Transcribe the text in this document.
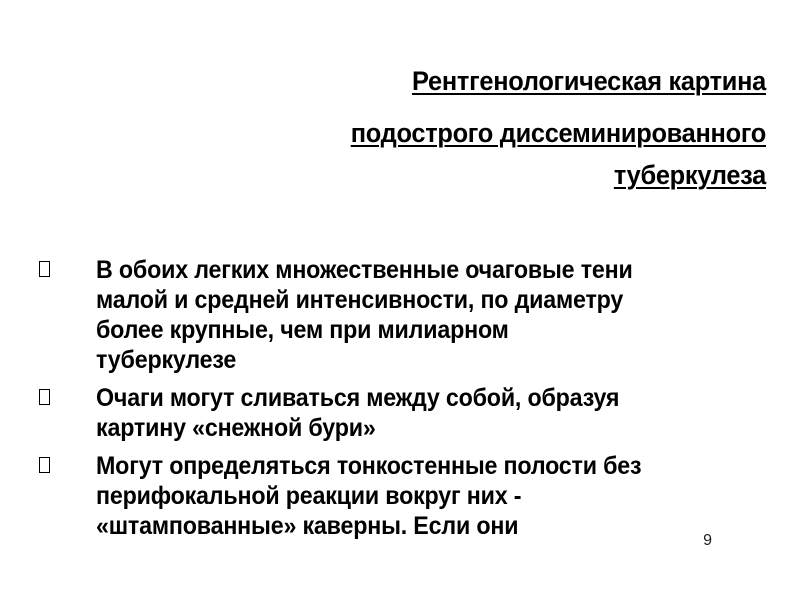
Рентгенологическая картина
подострого диссеминированного
туберкулеза
В обоих легких множественные очаговые тени
малой и средней интенсивности, по диаметру
более крупные, чем при милиарном
туберкулезе
Очаги могут сливаться между собой, образуя
картину «снежной бури»
Могут определяться тонкостенные полости без
перифокальной реакции вокруг них -
«штампованные» каверны. Если они
9
